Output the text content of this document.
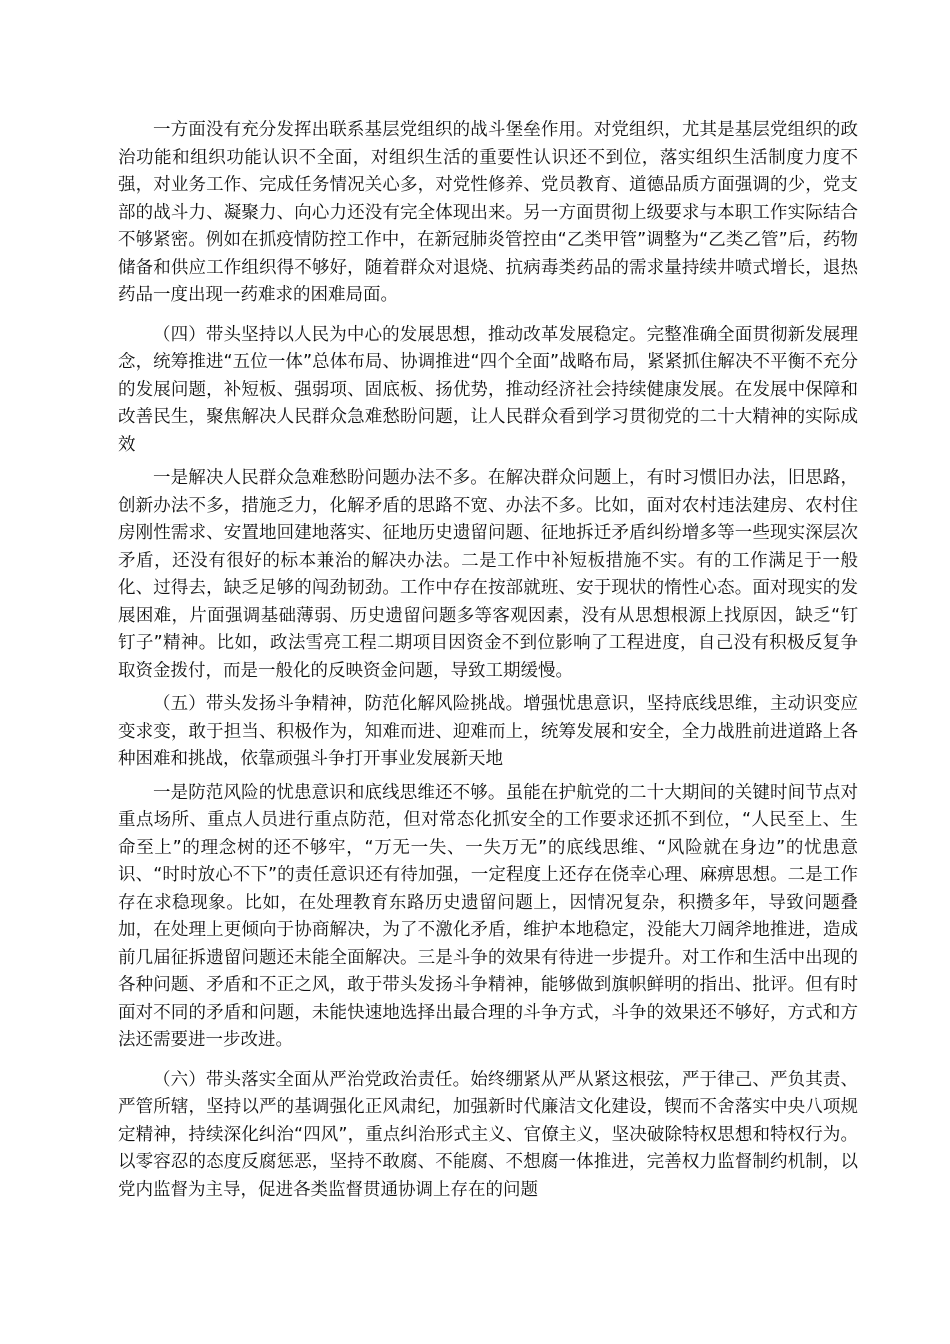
一方面没有充分发挥出联系基层党组织的战斗堡垒作用。对党组织，尤其是基层党组织的政治功能和组织功能认识不全面，对组织生活的重要性认识还不到位，落实组织生活制度力度不强，对业务工作、完成任务情况关心多，对党性修养、党员教育、道德品质方面强调的少，党支部的战斗力、凝聚力、向心力还没有完全体现出来。另一方面贯彻上级要求与本职工作实际结合不够紧密。例如在抓疫情防控工作中，在新冠肺炎管控由“乙类甲管”调整为“乙类乙管”后，药物储备和供应工作组织得不够好，随着群众对退烧、抗病毒类药品的需求量持续井喷式增长，退热药品一度出现一药难求的困难局面。

（四）带头坚持以人民为中心的发展思想，推动改革发展稳定。完整准确全面贯彻新发展理念，统筹推进“五位一体”总体布局、协调推进“四个全面”战略布局，紧紧抓住解决不平衡不充分的发展问题，补短板、强弱项、固底板、扬优势，推动经济社会持续健康发展。在发展中保障和改善民生，聚焦解决人民群众急难愁盼问题，让人民群众看到学习贯彻党的二十大精神的实际成效

一是解决人民群众急难愁盼问题办法不多。在解决群众问题上，有时习惯旧办法，旧思路，创新办法不多，措施乏力，化解矛盾的思路不宽、办法不多。比如，面对农村违法建房、农村住房刚性需求、安置地回建地落实、征地历史遗留问题、征地拆迁矛盾纠纷增多等一些现实深层次矛盾，还没有很好的标本兼治的解决办法。二是工作中补短板措施不实。有的工作满足于一般化、过得去，缺乏足够的闯劲韧劲。工作中存在按部就班、安于现状的惰性心态。面对现实的发展困难，片面强调基础薄弱、历史遗留问题多等客观因素，没有从思想根源上找原因，缺乏“钉钉子”精神。比如，政法雪亮工程二期项目因资金不到位影响了工程进度，自己没有积极反复争取资金拨付，而是一般化的反映资金问题，导致工期缓慢。

（五）带头发扬斗争精神，防范化解风险挑战。增强忧患意识，坚持底线思维，主动识变应变求变，敢于担当、积极作为，知难而进、迎难而上，统筹发展和安全，全力战胜前进道路上各种困难和挑战，依靠顽强斗争打开事业发展新天地

一是防范风险的忧患意识和底线思维还不够。虽能在护航党的二十大期间的关键时间节点对重点场所、重点人员进行重点防范，但对常态化抓安全的工作要求还抓不到位，“人民至上、生命至上”的理念树的还不够牢，“万无一失、一失万无”的底线思维、“风险就在身边”的忧患意识、“时时放心不下”的责任意识还有待加强，一定程度上还存在侥幸心理、麻痹思想。二是工作存在求稳现象。比如，在处理教育东路历史遗留问题上，因情况复杂，积攒多年，导致问题叠加，在处理上更倾向于协商解决，为了不激化矛盾，维护本地稳定，没能大刀阔斧地推进，造成前几届征拆遗留问题还未能全面解决。三是斗争的效果有待进一步提升。对工作和生活中出现的各种问题、矛盾和不正之风，敢于带头发扬斗争精神，能够做到旗帜鲜明的指出、批评。但有时面对不同的矛盾和问题，未能快速地选择出最合理的斗争方式，斗争的效果还不够好，方式和方法还需要进一步改进。

（六）带头落实全面从严治党政治责任。始终绷紧从严从紧这根弦，严于律己、严负其责、严管所辖，坚持以严的基调强化正风肃纪，加强新时代廉洁文化建设，锲而不舍落实中央八项规定精神，持续深化纠治“四风”，重点纠治形式主义、官僚主义，坚决破除特权思想和特权行为。以零容忍的态度反腐惩恶，坚持不敢腐、不能腐、不想腐一体推进，完善权力监督制约机制，以党内监督为主导，促进各类监督贯通协调上存在的问题
